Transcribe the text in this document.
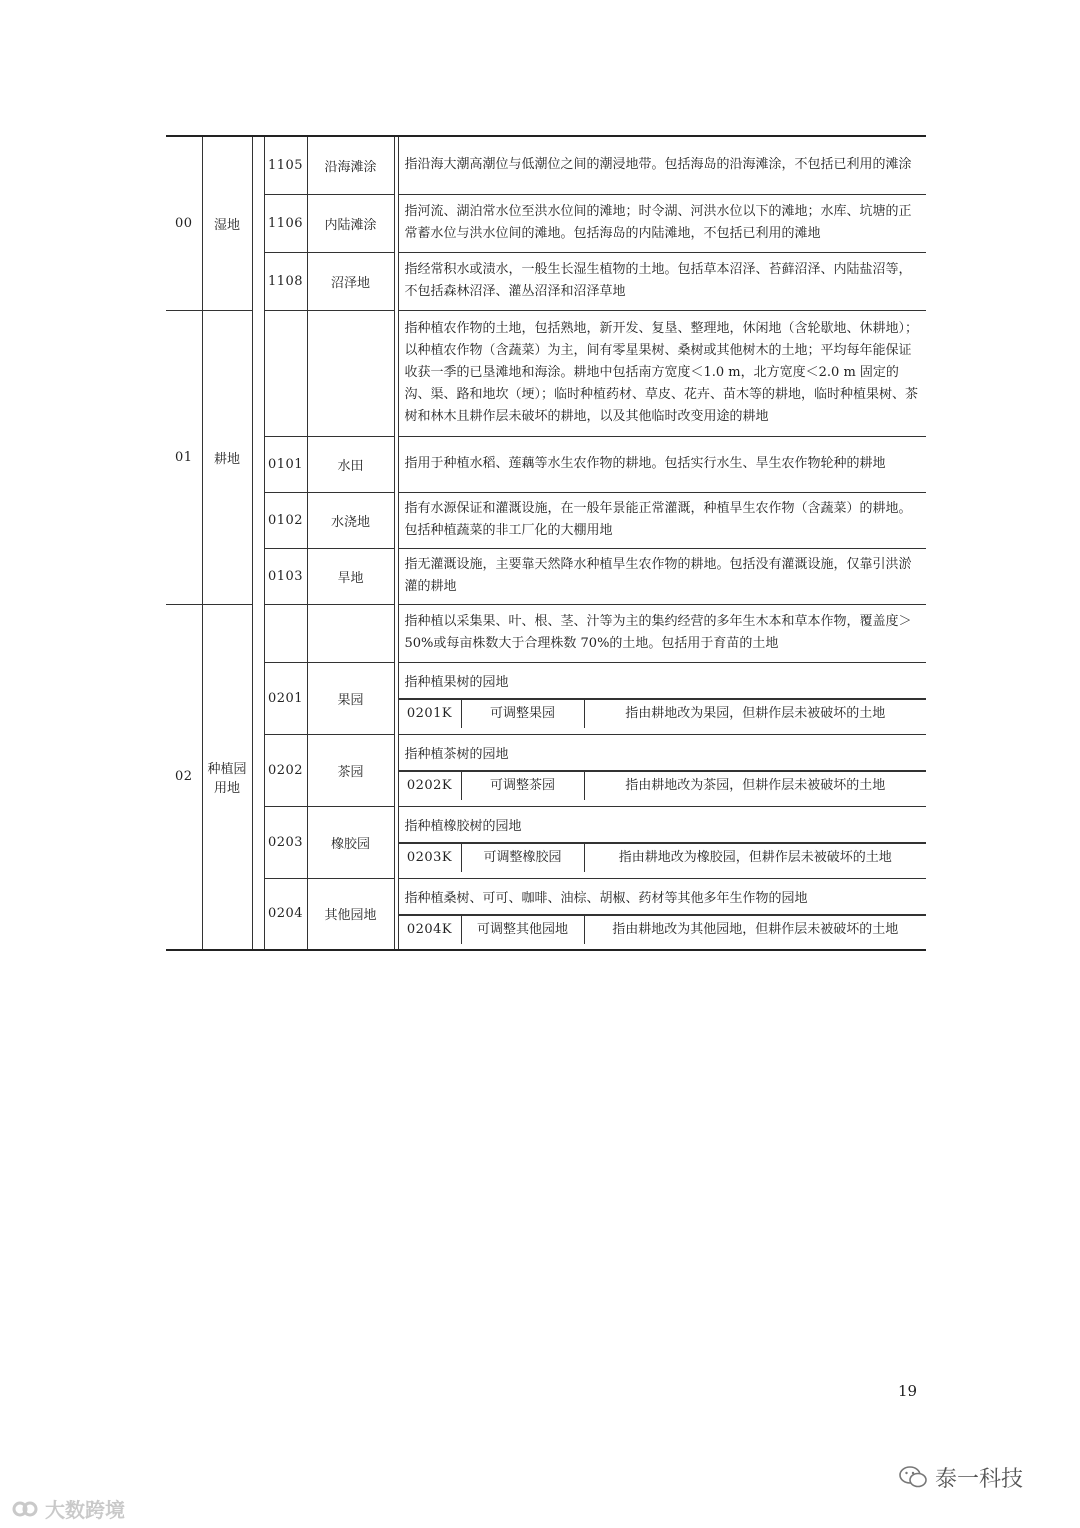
00	湿地		1105	沿海滩涂		指沿海大潮高潮位与低潮位之间的潮浸地带。包括海岛的沿海滩涂，不包括已利用的滩涂

			1106	内陆滩涂		指河流、湖泊常水位至洪水位间的滩地；时令湖、河洪水位以下的滩地；水库、坑塘的正常蓄水位与洪水位间的滩地。包括海岛的内陆滩地，不包括已利用的滩地

			1108	沼泽地		指经常积水或渍水，一般生长湿生植物的土地。包括草本沼泽、苔藓沼泽、内陆盐沼等，不包括森林沼泽、灌丛沼泽和沼泽草地

01	耕地					指种植农作物的土地，包括熟地，新开发、复垦、整理地，休闲地（含轮歇地、休耕地）；以种植农作物（含蔬菜）为主，间有零星果树、桑树或其他树木的土地；平均每年能保证收获一季的已垦滩地和海涂。耕地中包括南方宽度＜1.0 m，北方宽度＜2.0 m 固定的沟、渠、路和地坎（埂）；临时种植药材、草皮、花卉、苗木等的耕地，临时种植果树、茶树和林木且耕作层未破坏的耕地，以及其他临时改变用途的耕地

			0101	水田		指用于种植水稻、莲藕等水生农作物的耕地。包括实行水生、旱生农作物轮种的耕地

			0102	水浇地		指有水源保证和灌溉设施，在一般年景能正常灌溉，种植旱生农作物（含蔬菜）的耕地。包括种植蔬菜的非工厂化的大棚用地

			0103	旱地		指无灌溉设施，主要靠天然降水种植旱生农作物的耕地。包括没有灌溉设施，仅靠引洪淤灌的耕地

02	种植园用地					指种植以采集果、叶、根、茎、汁等为主的集约经营的多年生木本和草本作物，覆盖度＞50%或每亩株数大于合理株数 70%的土地。包括用于育苗的土地

			0201	果园		指种植果树的园地
0201K	可调整果园	指由耕地改为果园，但耕作层未被破坏的土地

			0202	茶园		指种植茶树的园地
0202K	可调整茶园	指由耕地改为茶园，但耕作层未被破坏的土地

			0203	橡胶园		指种植橡胶树的园地
0203K	可调整橡胶园	指由耕地改为橡胶园，但耕作层未被破坏的土地

			0204	其他园地		指种植桑树、可可、咖啡、油棕、胡椒、药材等其他多年生作物的园地
0204K	可调整其他园地	指由耕地改为其他园地，但耕作层未被破坏的土地
19
大数跨境
泰一科技
